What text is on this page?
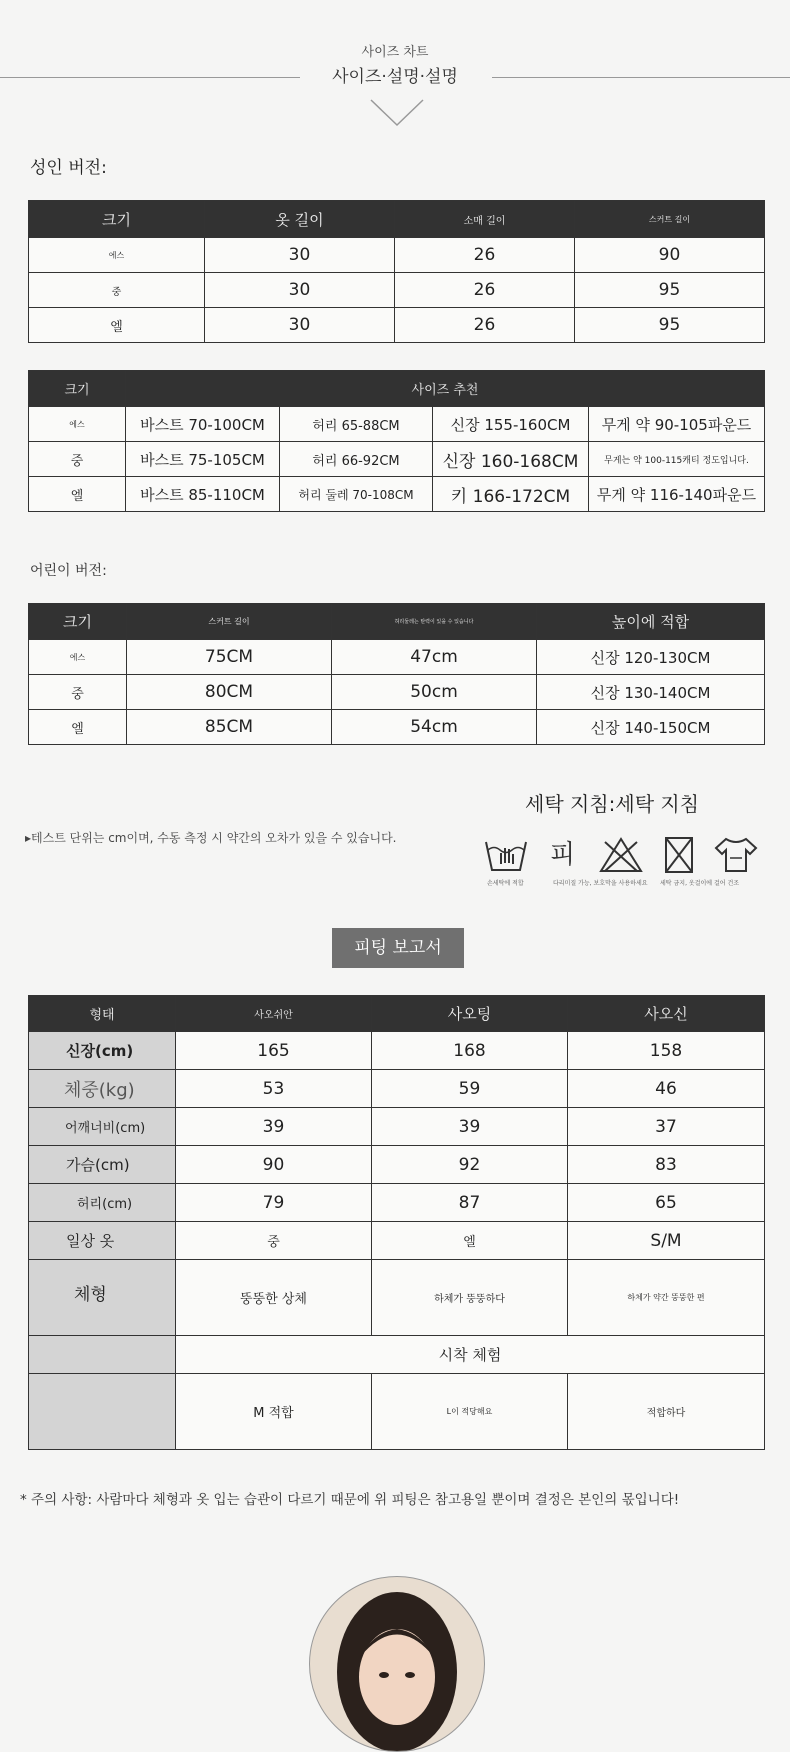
사이즈 차트
사이즈·설명·설명
성인 버전:
크기	옷 길이	소매 길이	스커트 길이
에스	30	26	90
중	30	26	95
엘	30	26	95
크기	사이즈 추천			
에스	바스트 70-100CM	허리 65-88CM	신장 155-160CM	무게 약 90-105파운드
중	바스트 75-105CM	허리 66-92CM	신장 160-168CM	무게는 약 100-115캐티 정도입니다.
엘	바스트 85-110CM	허리 둘레 70-108CM	키 166-172CM	무게 약 116-140파운드
어린이 버전:
크기	스커트 길이	허리둘레는 탄력이 있을 수 있습니다	높이에 적합
에스	75CM	47cm	신장 120-130CM
중	80CM	50cm	신장 130-140CM
엘	85CM	54cm	신장 140-150CM
세탁 지침:세탁 지침
▸테스트 단위는 cm이며, 수동 측정 시 약간의 오차가 있을 수 있습니다.
피
손세탁에 적합	다리미질 가능, 보호막을 사용하세요 세탁 금지, 옷걸이에 걸어 건조
피팅 보고서
형태	사오쉬안	사오팅	사오신
신장(cm)	165	168	158
체중(kg)	53	59	46
어깨너비(cm)	39	39	37
가슴(cm)	90	92	83
허리(cm)	79	87	65
일상 옷	중	엘	S/M
체형	뚱뚱한 상체	하체가 뚱뚱하다	하체가 약간 뚱뚱한 편
	시착 체험		
	M 적합	L이 적당해요	적합하다
* 주의 사항: 사람마다 체형과 옷 입는 습관이 다르기 때문에 위 피팅은 참고용일 뿐이며 결정은 본인의 몫입니다!
